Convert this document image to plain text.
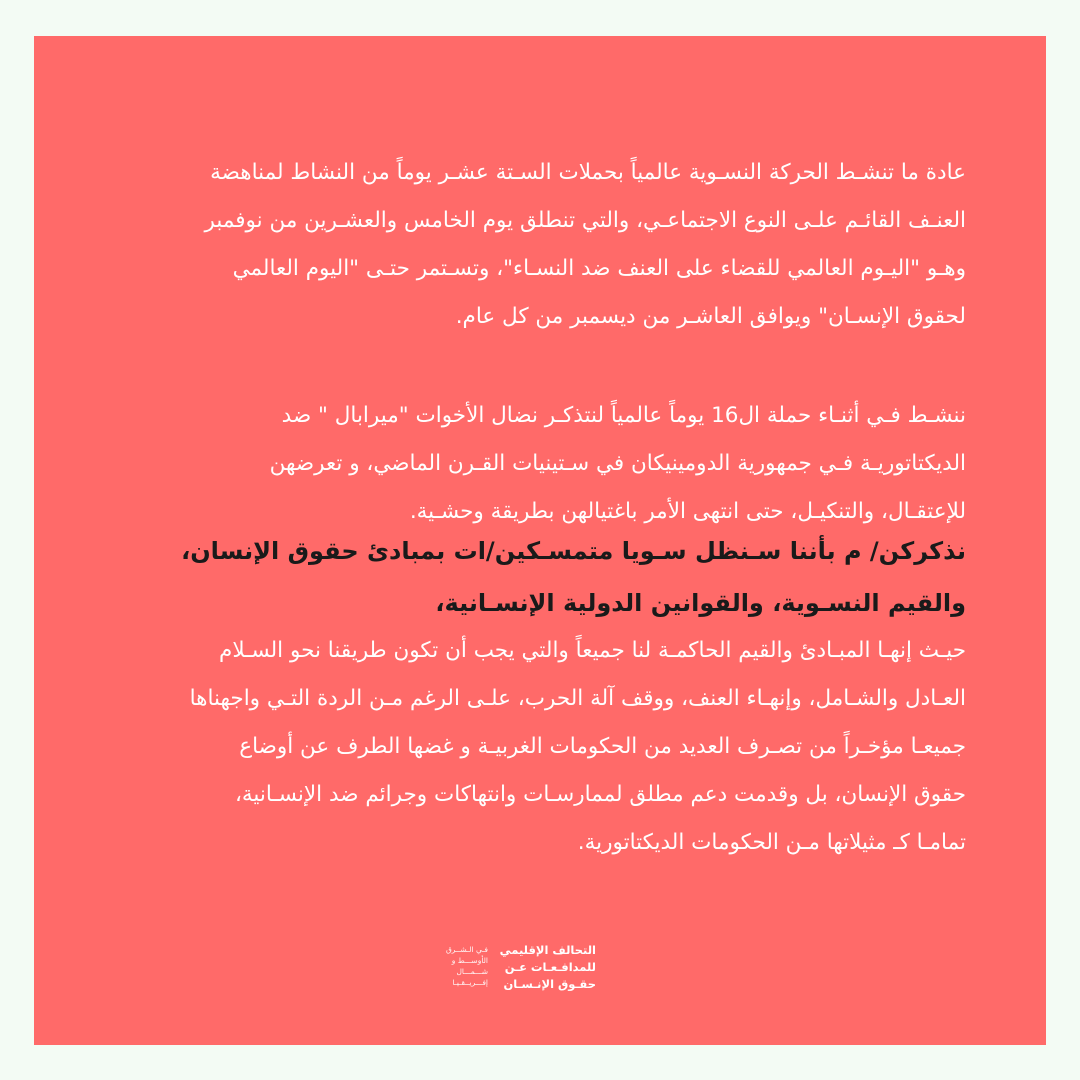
عادة ما تنشـط الحركة النسـوية عالمياً بحملات السـتة عشـر يوماً من النشاط لمناهضة
العنـف القائـم علـى النوع الاجتماعـي، والتي تنطلق يوم الخامس والعشـرين من نوفمبر
وهـو "اليـوم العالمي للقضاء على العنف ضد النسـاء"، وتسـتمر حتـى "اليوم العالمي
لحقوق الإنسـان" ويوافق العاشـر من ديسمبر من كل عام.
ننشـط فـي أثنـاء حملة ال16 يوماً عالمياً لنتذكـر نضال الأخوات "ميرابال " ضد
الديكتاتوريـة فـي جمهورية الدومينيكان في سـتينيات القـرن الماضي، و تعرضهن
للإعتقـال، والتنكيـل، حتى انتهى الأمر باغتيالهن بطريقة وحشـية.
نذكركن/ م بأننا سـنظل سـويا متمسـكين/ات بمبادئ حقوق الإنسان،
والقيم النسـوية، والقوانين الدولية الإنسـانية،
حيـث إنهـا المبـادئ والقيم الحاكمـة لنا جميعاً والتي يجب أن تكون طريقنا نحو السـلام
العـادل والشـامل، وإنهـاء العنف، ووقف آلة الحرب، علـى الرغم مـن الردة التـي واجهناها
جميعـا مؤخـراً من تصـرف العديد من الحكومات الغربيـة و غضها الطرف عن أوضاع
حقوق الإنسان، بل وقدمت دعم مطلق لممارسـات وانتهاكات وجرائم ضد الإنسـانية،
تمامـا كـ مثيلاتها مـن الحكومات الديكتاتورية.
التحالف الإقليمي
للمدافـعـات عـن
حقـوق الإنـسـان
فـي الـشــرق
الأوســـط و
شـــمـــال
إفـــريــقـيـا
